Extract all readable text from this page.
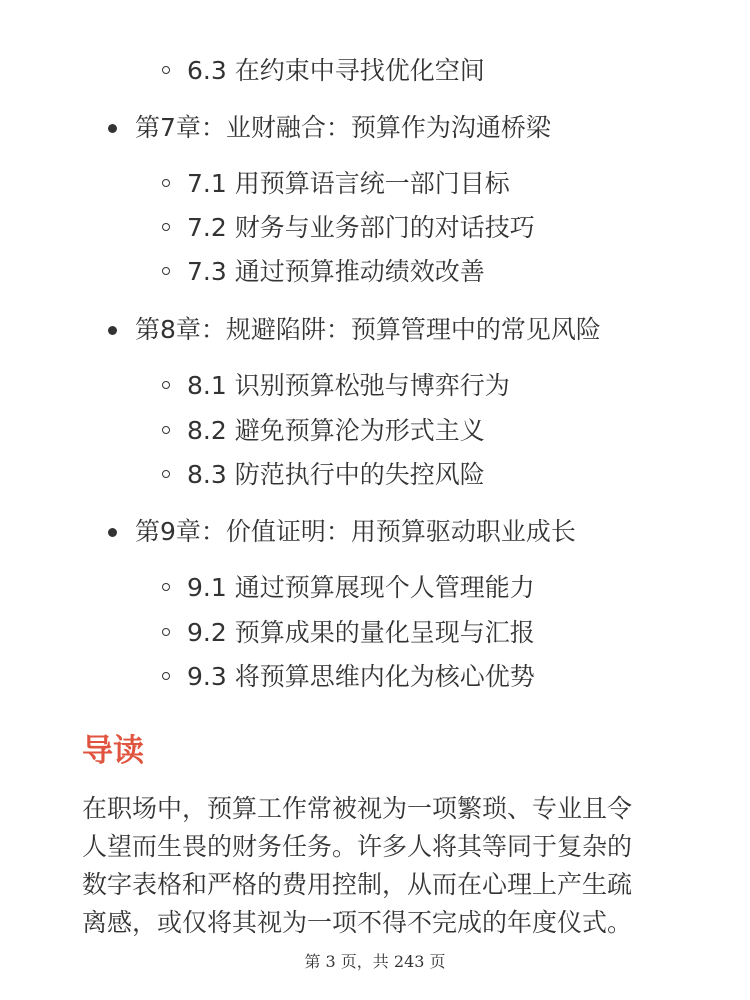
6.3 在约束中寻找优化空间
第7章：业财融合：预算作为沟通桥梁
7.1 用预算语言统一部门目标
7.2 财务与业务部门的对话技巧
7.3 通过预算推动绩效改善
第8章：规避陷阱：预算管理中的常见风险
8.1 识别预算松弛与博弈行为
8.2 避免预算沦为形式主义
8.3 防范执行中的失控风险
第9章：价值证明：用预算驱动职业成长
9.1 通过预算展现个人管理能力
9.2 预算成果的量化呈现与汇报
9.3 将预算思维内化为核心优势
导读
在职场中，预算工作常被视为一项繁琐、专业且令
人望而生畏的财务任务。许多人将其等同于复杂的
数字表格和严格的费用控制，从而在心理上产生疏
离感，或仅将其视为一项不得不完成的年度仪式。
第 3 页，共 243 页
